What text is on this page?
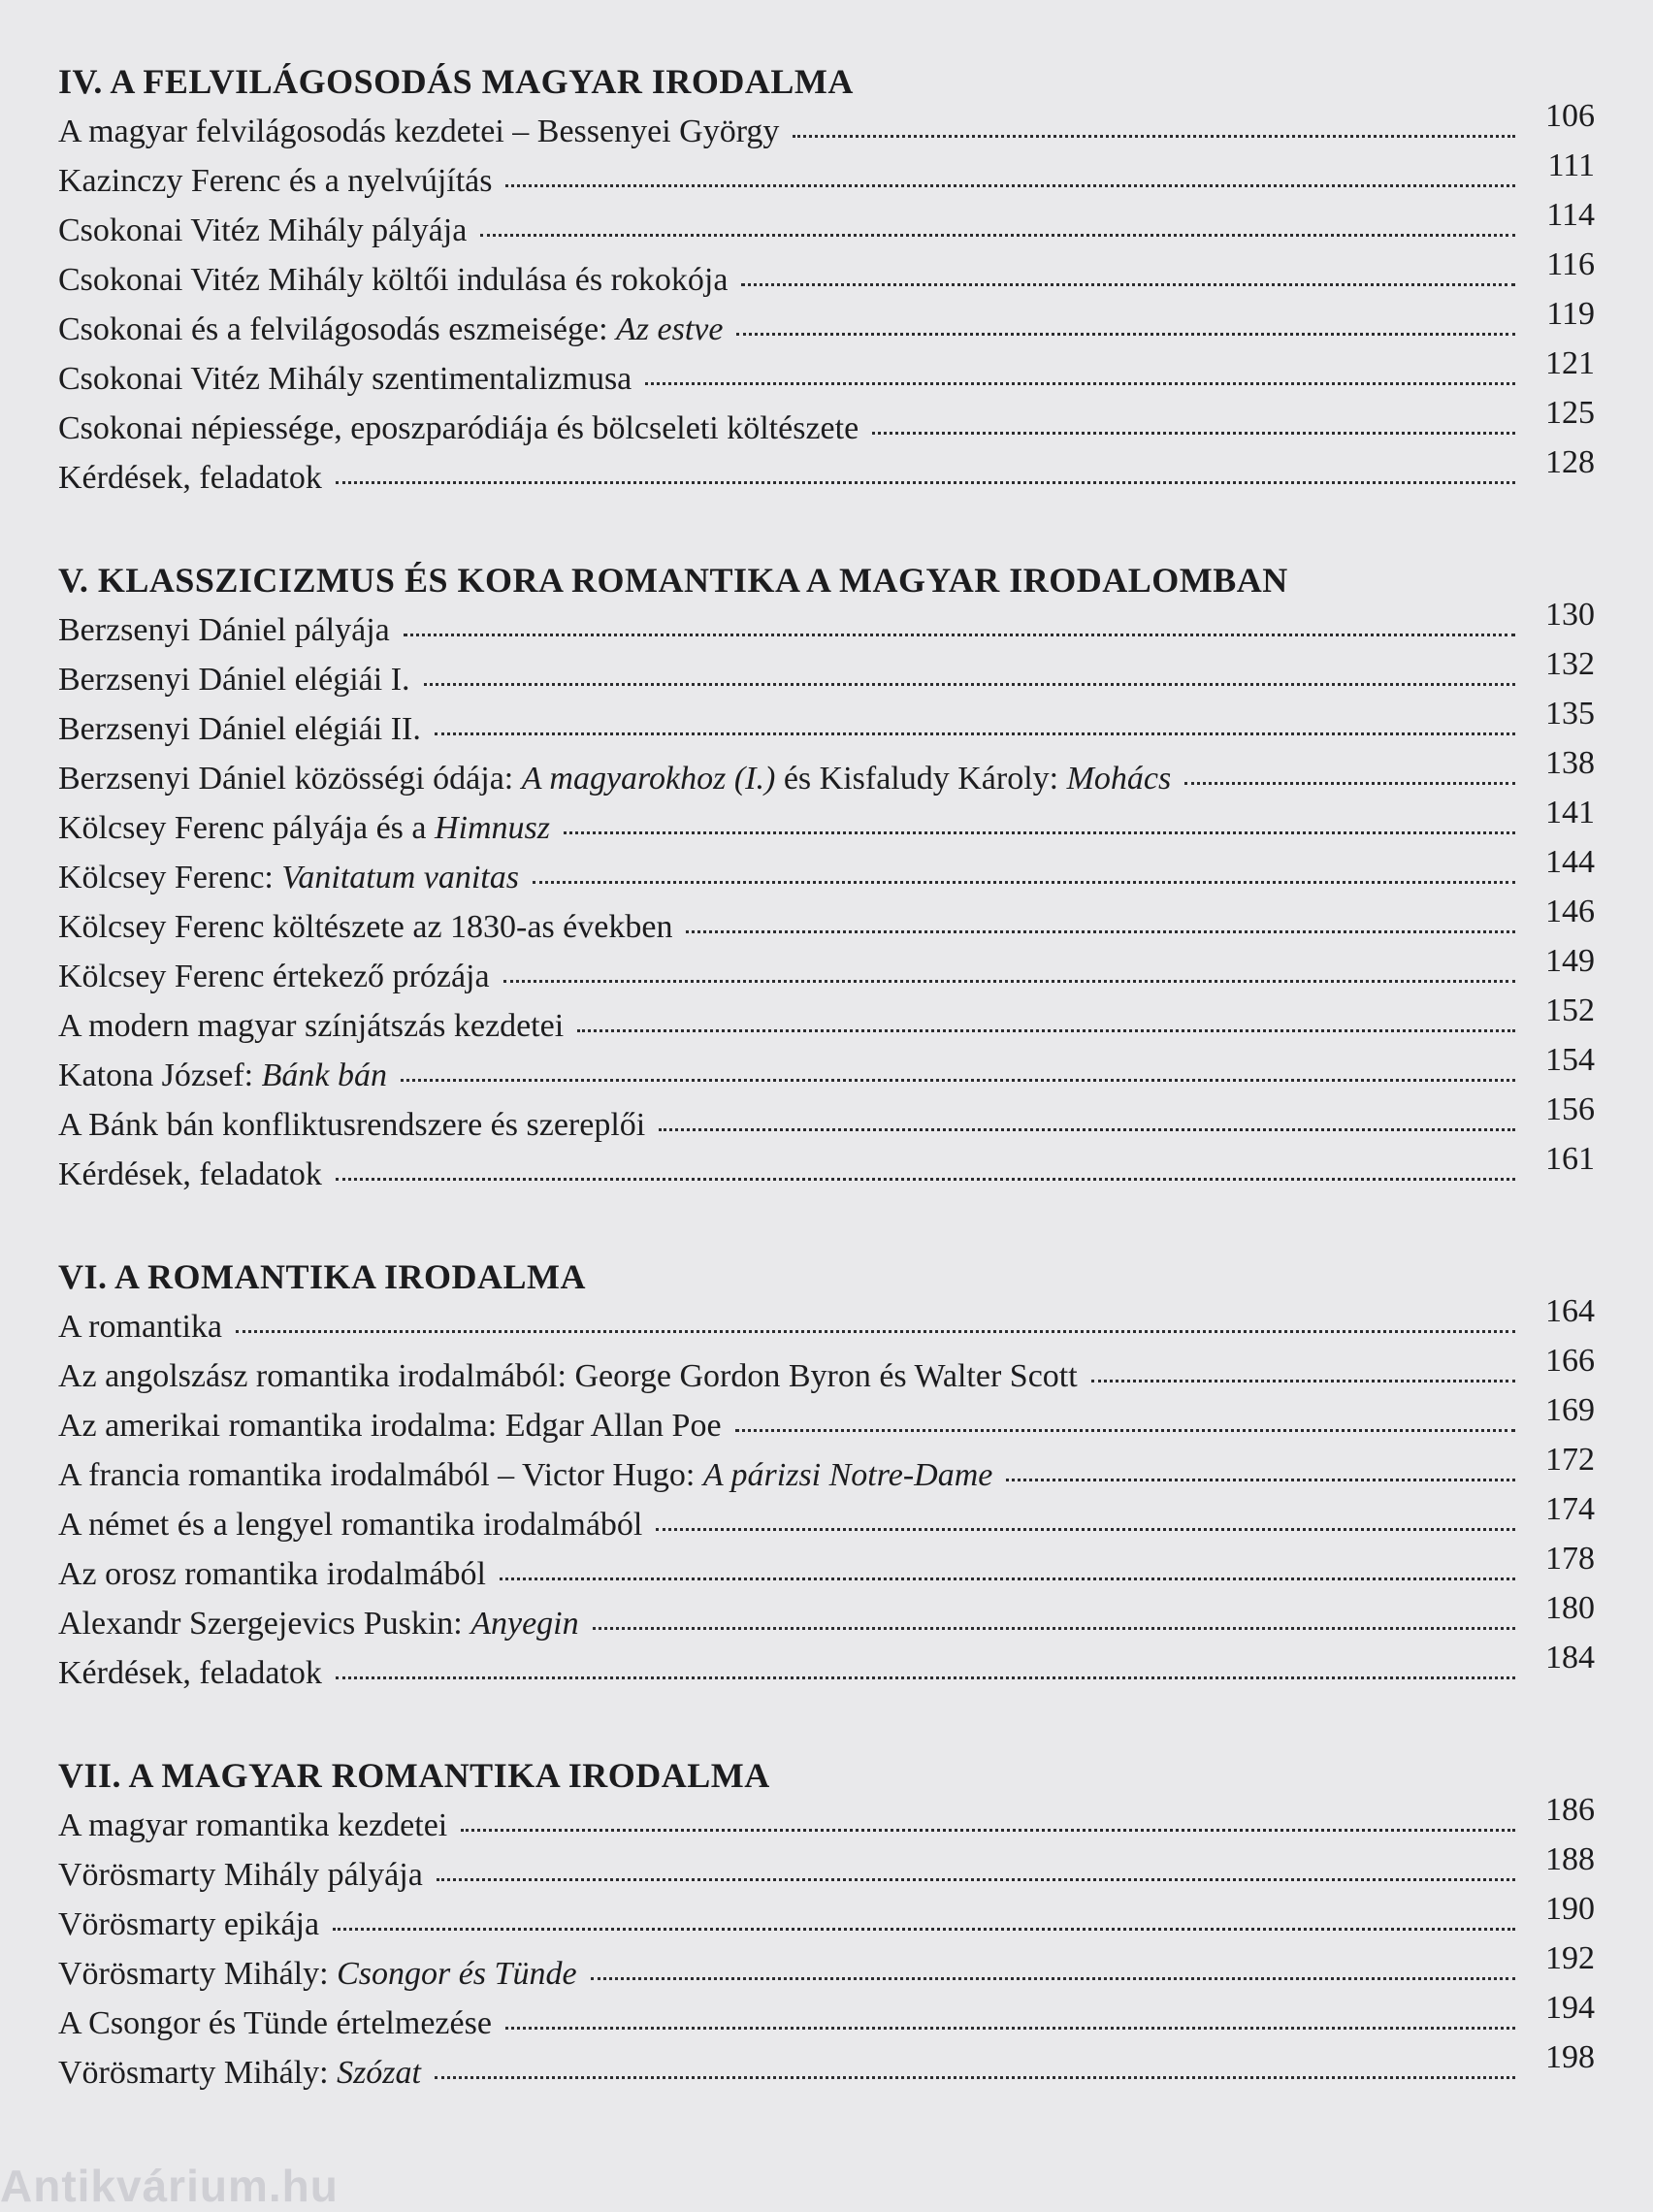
IV. A FELVILÁGOSODÁS MAGYAR IRODALMA
A magyar felvilágosodás kezdetei – Bessenyei György	106
Kazinczy Ferenc és a nyelvújítás	111
Csokonai Vitéz Mihály pályája	114
Csokonai Vitéz Mihály költői indulása és rokokója	116
Csokonai és a felvilágosodás eszmeisége: Az estve	119
Csokonai Vitéz Mihály szentimentalizmusa	121
Csokonai népiessége, eposzparódiája és bölcseleti költészete	125
Kérdések, feladatok	128
V. KLASSZICIZMUS ÉS KORA ROMANTIKA A MAGYAR IRODALOMBAN
Berzsenyi Dániel pályája	130
Berzsenyi Dániel elégiái I.	132
Berzsenyi Dániel elégiái II.	135
Berzsenyi Dániel közösségi ódája: A magyarokhoz (I.) és Kisfaludy Károly: Mohács	138
Kölcsey Ferenc pályája és a Himnusz	141
Kölcsey Ferenc: Vanitatum vanitas	144
Kölcsey Ferenc költészete az 1830-as években	146
Kölcsey Ferenc értekező prózája	149
A modern magyar színjátszás kezdetei	152
Katona József: Bánk bán	154
A Bánk bán konfliktusrendszere és szereplői	156
Kérdések, feladatok	161
VI. A ROMANTIKA IRODALMA
A romantika	164
Az angolszász romantika irodalmából: George Gordon Byron és Walter Scott	166
Az amerikai romantika irodalma: Edgar Allan Poe	169
A francia romantika irodalmából – Victor Hugo: A párizsi Notre-Dame	172
A német és a lengyel romantika irodalmából	174
Az orosz romantika irodalmából	178
Alexandr Szergejevics Puskin: Anyegin	180
Kérdések, feladatok	184
VII. A MAGYAR ROMANTIKA IRODALMA
A magyar romantika kezdetei	186
Vörösmarty Mihály pályája	188
Vörösmarty epikája	190
Vörösmarty Mihály: Csongor és Tünde	192
A Csongor és Tünde értelmezése	194
Vörösmarty Mihály: Szózat	198
Antikvárium.hu
